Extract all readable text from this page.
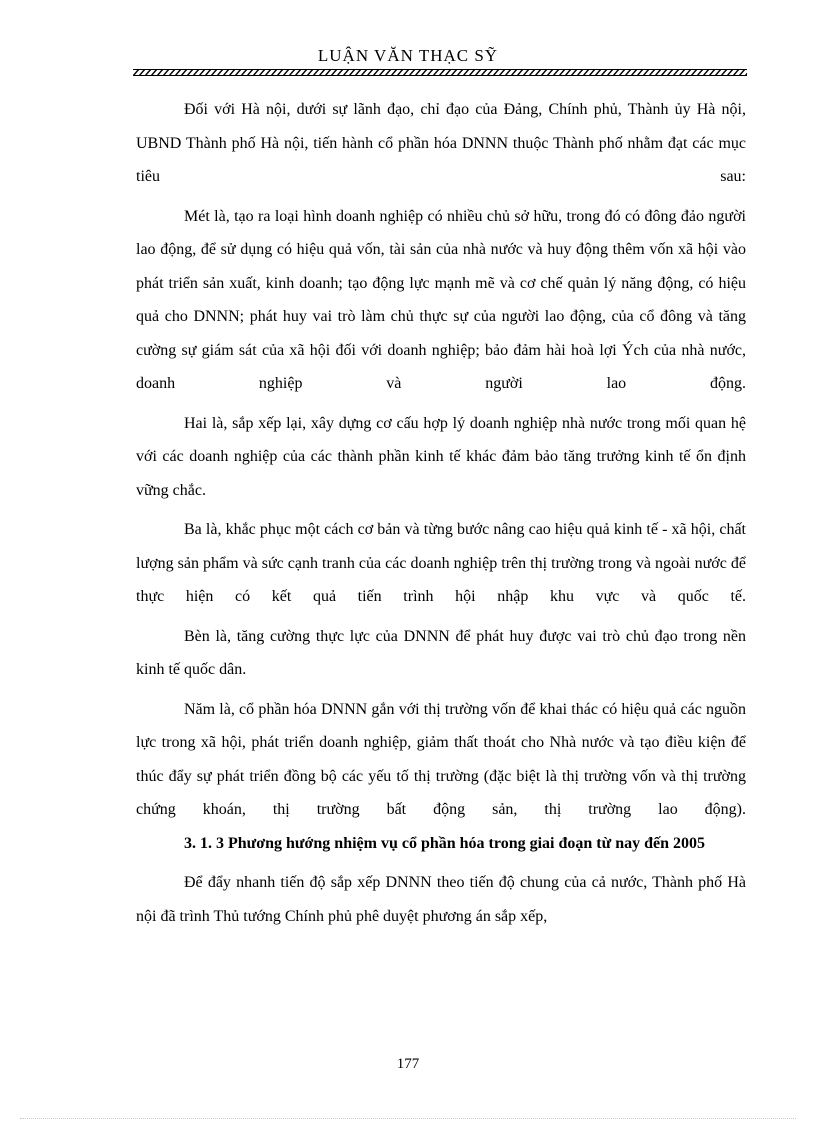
LUẬN VĂN THẠC SỸ

Đối với Hà nội, dưới sự lãnh đạo, chỉ đạo của Đảng, Chính phủ, Thành ủy Hà nội, UBND Thành phố Hà nội, tiến hành cổ phần hóa DNNN thuộc Thành phố nhằm đạt các mục tiêu sau:

Mét là, tạo ra loại hình doanh nghiệp có nhiều chủ sở hữu, trong đó có đông đảo người lao động, để sử dụng có hiệu quả vốn, tài sản của nhà nước và huy động thêm vốn xã hội vào phát triển sản xuất, kinh doanh; tạo động lực mạnh mẽ và cơ chế quản lý năng động, có hiệu quả cho DNNN; phát huy vai trò làm chủ thực sự của người lao động, của cổ đông và tăng cường sự giám sát của xã hội đối với doanh nghiệp; bảo đảm hài hoà lợi Ých của nhà nước, doanh nghiệp và người lao động.

Hai là, sắp xếp lại, xây dựng cơ cấu hợp lý doanh nghiệp nhà nước trong mối quan hệ với các doanh nghiệp của các thành phần kinh tế khác đảm bảo tăng trưởng kinh tế ổn định vững chắc.

Ba là, khắc phục một cách cơ bản và từng bước nâng cao hiệu quả kinh tế - xã hội, chất lượng sản phẩm và sức cạnh tranh của các doanh nghiệp trên thị trường trong và ngoài nước để thực hiện có kết quả tiến trình hội nhập khu vực và quốc tế.

Bèn là, tăng cường thực lực của DNNN để phát huy được vai trò chủ đạo trong nền kinh tế quốc dân.

Năm là, cổ phần hóa DNNN gắn với thị trường vốn để khai thác có hiệu quả các nguồn lực trong xã hội, phát triển doanh nghiệp, giảm thất thoát cho Nhà nước và tạo điều kiện để thúc đẩy sự phát triển đồng bộ các yếu tố thị trường (đặc biệt là thị trường vốn và thị trường chứng khoán, thị trường bất động sản, thị trường lao động).

3. 1. 3 Phương hướng nhiệm vụ cổ phần hóa trong giai đoạn từ nay đến 2005

Để đẩy nhanh tiến độ sắp xếp DNNN theo tiến độ chung của cả nước, Thành phố Hà nội đã trình Thủ tướng Chính phủ phê duyệt phương án sắp xếp,

177
